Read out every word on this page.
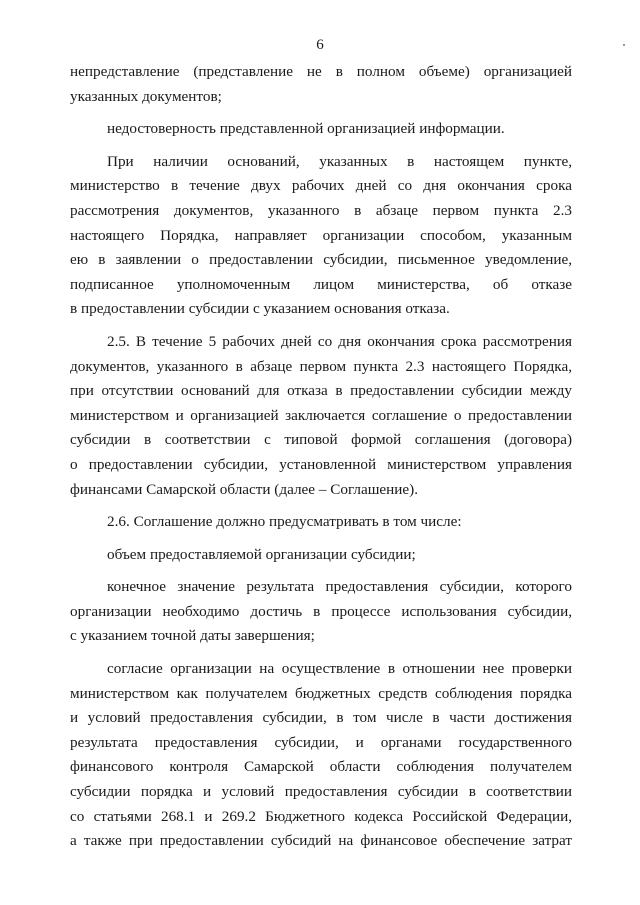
6
непредставление (представление не в полном объеме) организацией
указанных документов;
недостоверность представленной организацией информации.
При наличии оснований, указанных в настоящем пункте,
министерство в течение двух рабочих дней со дня окончания срока
рассмотрения документов, указанного в абзаце первом пункта 2.3
настоящего Порядка, направляет организации способом, указанным
ею в заявлении о предоставлении субсидии, письменное уведомление,
подписанное уполномоченным лицом министерства, об отказе
в предоставлении субсидии с указанием основания отказа.
2.5. В течение 5 рабочих дней со дня окончания срока рассмотрения
документов, указанного в абзаце первом пункта 2.3 настоящего Порядка,
при отсутствии оснований для отказа в предоставлении субсидии между
министерством и организацией заключается соглашение о предоставлении
субсидии в соответствии с типовой формой соглашения (договора)
о предоставлении субсидии, установленной министерством управления
финансами Самарской области (далее – Соглашение).
2.6. Соглашение должно предусматривать в том числе:
объем предоставляемой организации субсидии;
конечное значение результата предоставления субсидии, которого
организации необходимо достичь в процессе использования субсидии,
с указанием точной даты завершения;
согласие организации на осуществление в отношении нее проверки
министерством как получателем бюджетных средств соблюдения порядка
и условий предоставления субсидии, в том числе в части достижения
результата предоставления субсидии, и органами государственного
финансового контроля Самарской области соблюдения получателем
субсидии порядка и условий предоставления субсидии в соответствии
со статьями 268.1 и 269.2 Бюджетного кодекса Российской Федерации,
а также при предоставлении субсидий на финансовое обеспечение затрат
